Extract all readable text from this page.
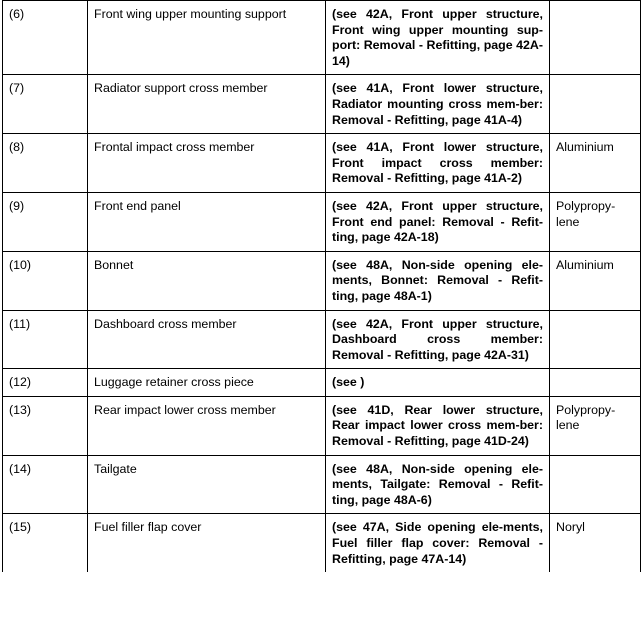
(6)	Front wing upper mounting support	(see 42A, Front upper structure, Front wing upper mounting sup-port: Removal - Refitting, page 42A-14)	
(7)	Radiator support cross member	(see 41A, Front lower structure, Radiator mounting cross mem-ber: Removal - Refitting, page 41A-4)	
(8)	Frontal impact cross member	(see 41A, Front lower structure, Front impact cross member: Removal - Refitting, page 41A-2)	Aluminium
(9)	Front end panel	(see 42A, Front upper structure, Front end panel: Removal - Refit-ting, page 42A-18)	Polypropy-lene
(10)	Bonnet	(see 48A, Non-side opening ele-ments, Bonnet: Removal - Refit-ting, page 48A-1)	Aluminium
(11)	Dashboard cross member	(see 42A, Front upper structure, Dashboard cross member: Removal - Refitting, page 42A-31)	
(12)	Luggage retainer cross piece	(see )	
(13)	Rear impact lower cross member	(see 41D, Rear lower structure, Rear impact lower cross mem-ber: Removal - Refitting, page 41D-24)	Polypropy-lene
(14)	Tailgate	(see 48A, Non-side opening ele-ments, Tailgate: Removal - Refit-ting, page 48A-6)	
(15)	Fuel filler flap cover	(see 47A, Side opening ele-ments, Fuel filler flap cover: Removal - Refitting, page 47A-14)	Noryl
